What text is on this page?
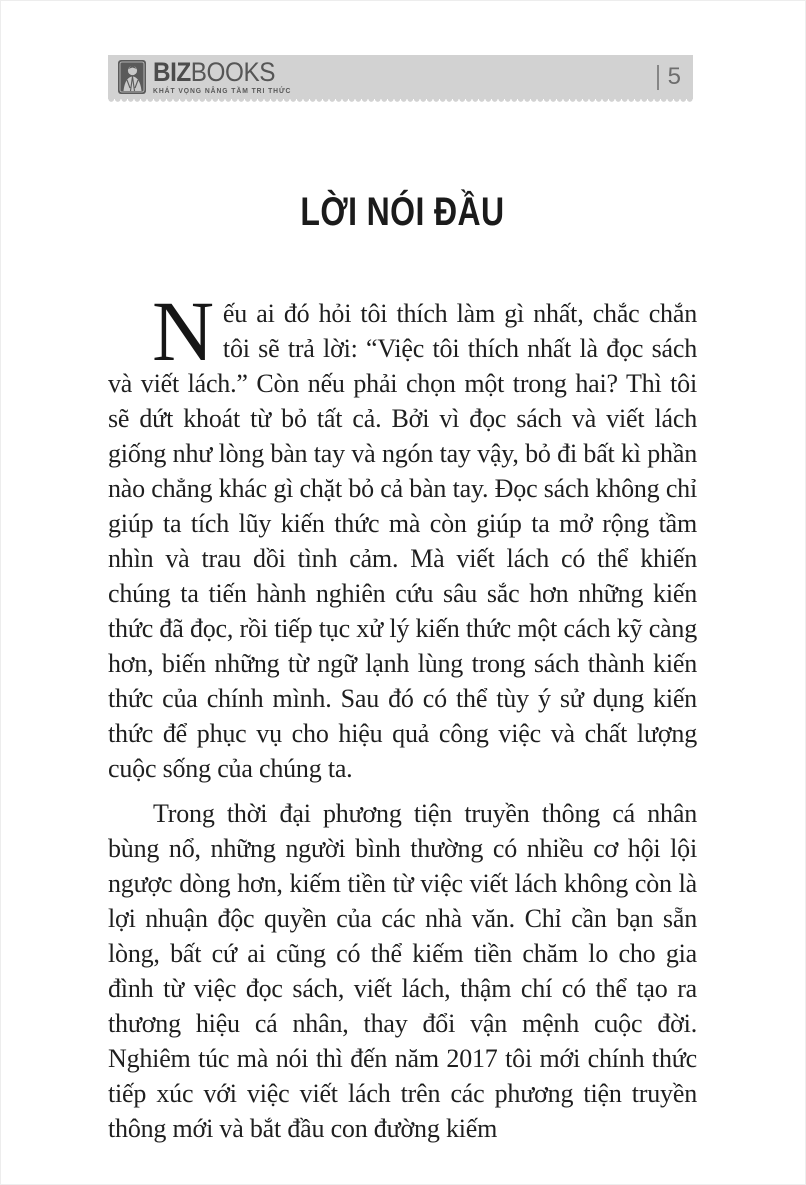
BIZBOOKS
KHÁT VỌNG NÂNG TẦM TRI THỨC
5
LỜI NÓI ĐẦU

Nếu ai đó hỏi tôi thích làm gì nhất, chắc chắn tôi sẽ trả lời: “Việc tôi thích nhất là đọc sách và viết lách.” Còn nếu phải chọn một trong hai? Thì tôi sẽ dứt khoát từ bỏ tất cả. Bởi vì đọc sách và viết lách giống như lòng bàn tay và ngón tay vậy, bỏ đi bất kì phần nào chẳng khác gì chặt bỏ cả bàn tay. Đọc sách không chỉ giúp ta tích lũy kiến thức mà còn giúp ta mở rộng tầm nhìn và trau dồi tình cảm. Mà viết lách có thể khiến chúng ta tiến hành nghiên cứu sâu sắc hơn những kiến thức đã đọc, rồi tiếp tục xử lý kiến thức một cách kỹ càng hơn, biến những từ ngữ lạnh lùng trong sách thành kiến thức của chính mình. Sau đó có thể tùy ý sử dụng kiến thức để phục vụ cho hiệu quả công việc và chất lượng cuộc sống của chúng ta.

Trong thời đại phương tiện truyền thông cá nhân bùng nổ, những người bình thường có nhiều cơ hội lội ngược dòng hơn, kiếm tiền từ việc viết lách không còn là lợi nhuận độc quyền của các nhà văn. Chỉ cần bạn sẵn lòng, bất cứ ai cũng có thể kiếm tiền chăm lo cho gia đình từ việc đọc sách, viết lách, thậm chí có thể tạo ra thương hiệu cá nhân, thay đổi vận mệnh cuộc đời. Nghiêm túc mà nói thì đến năm 2017 tôi mới chính thức tiếp xúc với việc viết lách trên các phương tiện truyền thông mới và bắt đầu con đường kiếm
